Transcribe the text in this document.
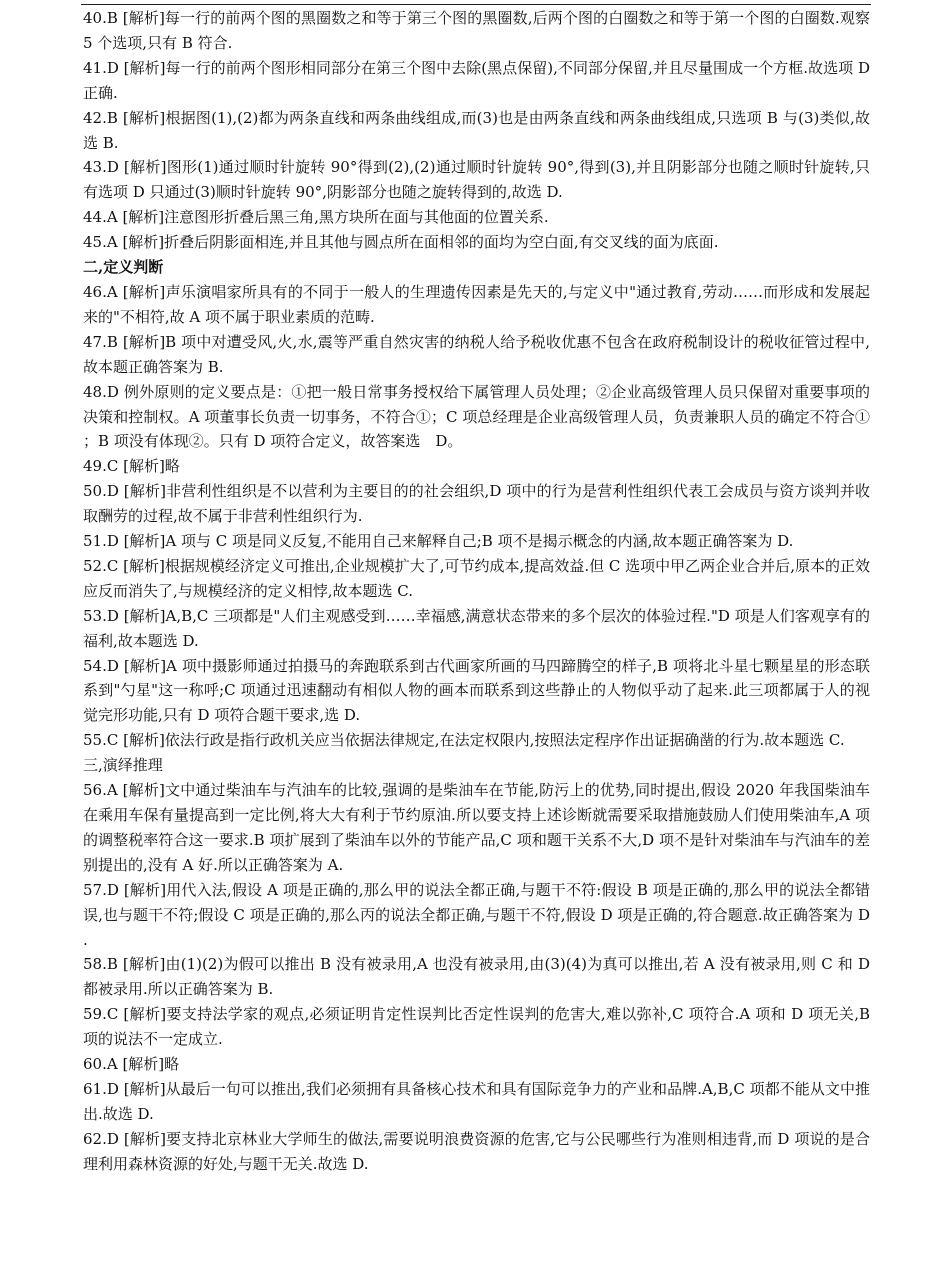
40.B [解析]每一行的前两个图的黑圈数之和等于第三个图的黑圈数,后两个图的白圈数之和等于第一个图的白圈数.观察 5 个选项,只有 B 符合.

41.D [解析]每一行的前两个图形相同部分在第三个图中去除(黑点保留),不同部分保留,并且尽量围成一个方框.故选项 D 正确.

42.B [解析]根据图(1),(2)都为两条直线和两条曲线组成,而(3)也是由两条直线和两条曲线组成,只选项 B 与(3)类似,故选 B.

43.D [解析]图形(1)通过顺时针旋转 90°得到(2),(2)通过顺时针旋转 90°,得到(3),并且阴影部分也随之顺时针旋转,只有选项 D 只通过(3)顺时针旋转 90°,阴影部分也随之旋转得到的,故选 D.

44.A [解析]注意图形折叠后黑三角,黑方块所在面与其他面的位置关系.

45.A [解析]折叠后阴影面相连,并且其他与圆点所在面相邻的面均为空白面,有交叉线的面为底面.

二,定义判断

46.A [解析]声乐演唱家所具有的不同于一般人的生理遗传因素是先天的,与定义中"通过教育,劳动……而形成和发展起来的"不相符,故 A 项不属于职业素质的范畴.

47.B [解析]B 项中对遭受风,火,水,震等严重自然灾害的纳税人给予税收优惠不包含在政府税制设计的税收征管过程中,故本题正确答案为 B.

48.D 例外原则的定义要点是：①把一般日常事务授权给下属管理人员处理；②企业高级管理人员只保留对重要事项的决策和控制权。A 项董事长负责一切事务，不符合①；C 项总经理是企业高级管理人员，负责兼职人员的确定不符合①；B 项没有体现②。只有 D 项符合定义，故答案选　D。

49.C [解析]略

50.D [解析]非营利性组织是不以营利为主要目的的社会组织,D 项中的行为是营利性组织代表工会成员与资方谈判并收取酬劳的过程,故不属于非营利性组织行为.

51.D [解析]A 项与 C 项是同义反复,不能用自己来解释自己;B 项不是揭示概念的内涵,故本题正确答案为 D.

52.C [解析]根据规模经济定义可推出,企业规模扩大了,可节约成本,提高效益.但 C 选项中甲乙两企业合并后,原本的正效应反而消失了,与规模经济的定义相悖,故本题选 C.

53.D [解析]A,B,C 三项都是"人们主观感受到……幸福感,满意状态带来的多个层次的体验过程."D 项是人们客观享有的福利,故本题选 D.

54.D [解析]A 项中摄影师通过拍摄马的奔跑联系到古代画家所画的马四蹄腾空的样子,B 项将北斗星七颗星星的形态联系到"勺星"这一称呼;C 项通过迅速翻动有相似人物的画本而联系到这些静止的人物似乎动了起来.此三项都属于人的视觉完形功能,只有 D 项符合题干要求,选 D.

55.C [解析]依法行政是指行政机关应当依据法律规定,在法定权限内,按照法定程序作出证据确凿的行为.故本题选 C.

三,演绎推理

56.A [解析]文中通过柴油车与汽油车的比较,强调的是柴油车在节能,防污上的优势,同时提出,假设 2020 年我国柴油车在乘用车保有量提高到一定比例,将大大有利于节约原油.所以要支持上述诊断就需要采取措施鼓励人们使用柴油车,A 项的调整税率符合这一要求.B 项扩展到了柴油车以外的节能产品,C 项和题干关系不大,D 项不是针对柴油车与汽油车的差别提出的,没有 A 好.所以正确答案为 A.

57.D [解析]用代入法,假设 A 项是正确的,那么甲的说法全都正确,与题干不符:假设 B 项是正确的,那么甲的说法全都错误,也与题干不符;假设 C 项是正确的,那么丙的说法全都正确,与题干不符,假设 D 项是正确的,符合题意.故正确答案为 D.

58.B [解析]由(1)(2)为假可以推出 B 没有被录用,A 也没有被录用,由(3)(4)为真可以推出,若 A 没有被录用,则 C 和 D 都被录用.所以正确答案为 B.

59.C [解析]要支持法学家的观点,必须证明肯定性误判比否定性误判的危害大,难以弥补,C 项符合.A 项和 D 项无关,B 项的说法不一定成立.

60.A [解析]略

61.D [解析]从最后一句可以推出,我们必须拥有具备核心技术和具有国际竞争力的产业和品牌.A,B,C 项都不能从文中推出.故选 D.

62.D [解析]要支持北京林业大学师生的做法,需要说明浪费资源的危害,它与公民哪些行为准则相违背,而 D 项说的是合理利用森林资源的好处,与题干无关.故选 D.
